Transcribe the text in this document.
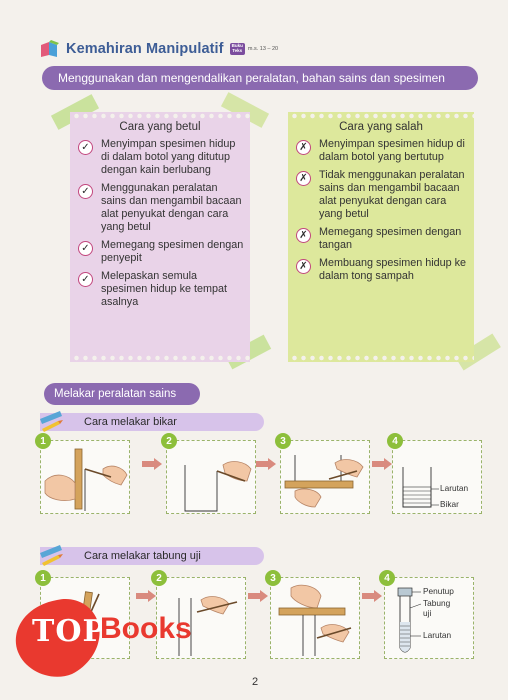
Kemahiran Manipulatif	Buku
Teks	m.s. 13 – 20
Menggunakan dan mengendalikan peralatan, bahan sains dan spesimen
Cara yang betul
✓	Menyimpan spesimen hidup di dalam botol yang ditutup dengan kain berlubang
✓	Menggunakan peralatan sains dan mengambil bacaan alat penyukat dengan cara yang betul
✓	Memegang spesimen dengan penyepit
✓	Melepaskan semula spesimen hidup ke tempat asalnya
Cara yang salah
✗	Menyimpan spesimen hidup di dalam botol yang bertutup
✗	Tidak menggunakan peralatan sains dan mengambil bacaan alat penyukat dengan cara yang betul
✗	Memegang spesimen dengan tangan
✗	Membuang spesimen hidup ke dalam tong sampah
Melakar peralatan sains
Cara melakar bikar
1	2	3	4
Larutan
Bikar
Cara melakar tabung uji
1	2	3	4
Penutup
Tabung
uji
Larutan
TOP
Books
2
